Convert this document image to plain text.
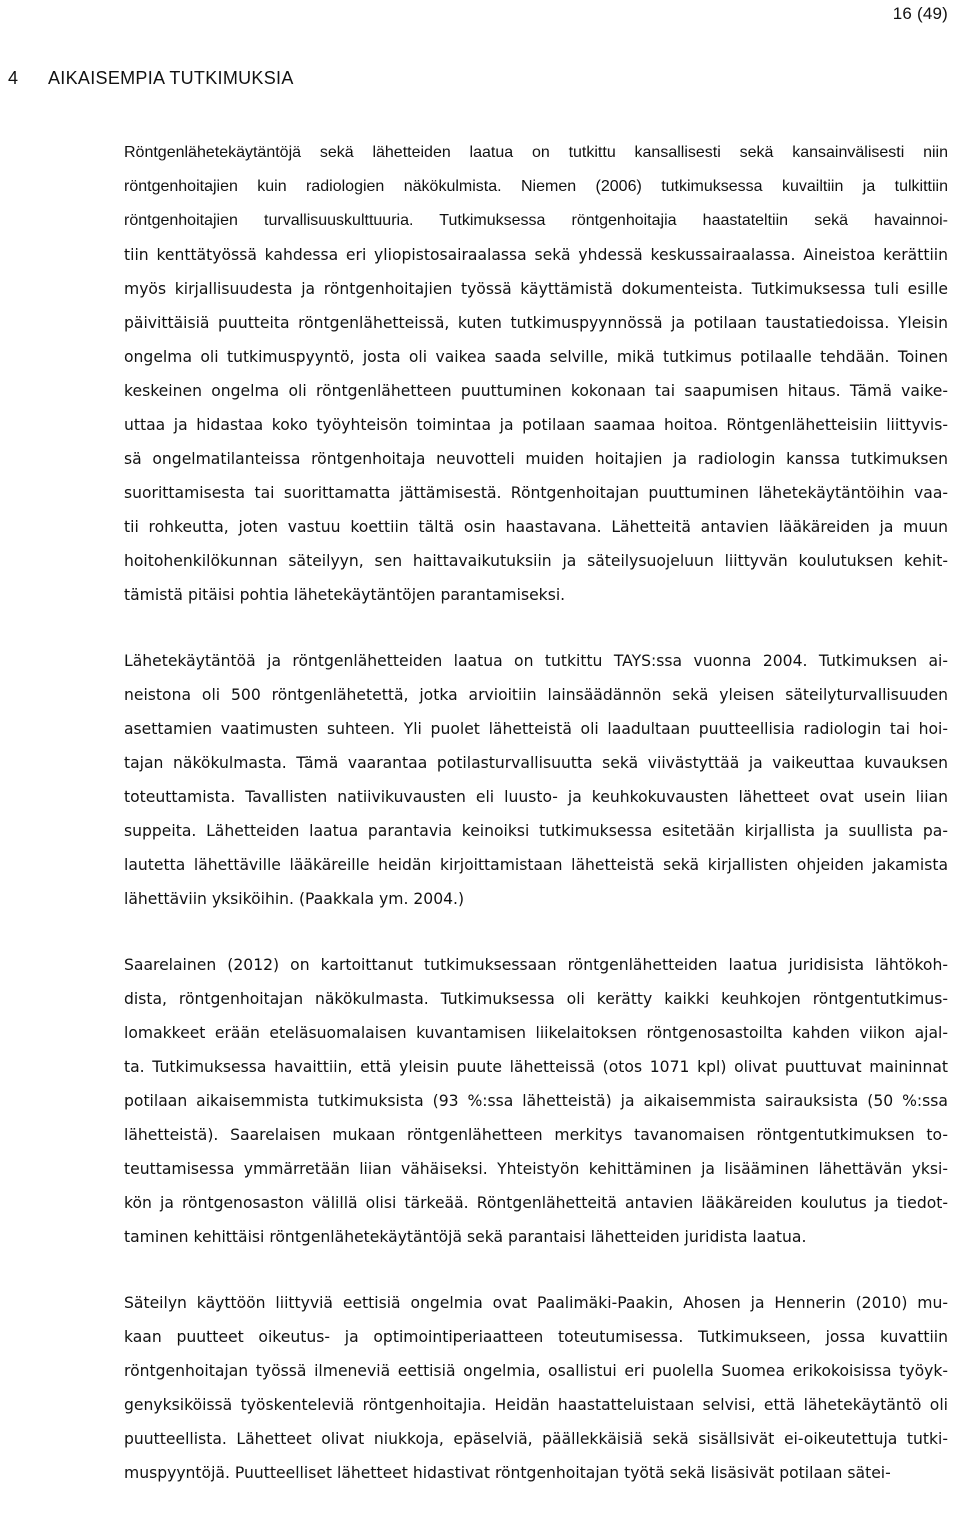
16 (49)
4 AIKAISEMPIA TUTKIMUKSIA
Röntgenlähetekäytäntöjä sekä lähetteiden laatua on tutkittu kansallisesti sekä kansainvälisesti niin
röntgenhoitajien kuin radiologien näkökulmista. Niemen (2006) tutkimuksessa kuvailtiin ja tulkittiin
röntgenhoitajien turvallisuuskulttuuria. Tutkimuksessa röntgenhoitajia haastateltiin sekä havainnoi-
tiin kenttätyössä kahdessa eri yliopistosairaalassa sekä yhdessä keskussairaalassa. Aineistoa kerättiin
myös kirjallisuudesta ja röntgenhoitajien työssä käyttämistä dokumenteista. Tutkimuksessa tuli esille
päivittäisiä puutteita röntgenlähetteissä, kuten tutkimuspyynnössä ja potilaan taustatiedoissa. Yleisin
ongelma oli tutkimuspyyntö, josta oli vaikea saada selville, mikä tutkimus potilaalle tehdään. Toinen
keskeinen ongelma oli röntgenlähetteen puuttuminen kokonaan tai saapumisen hitaus. Tämä vaike-
uttaa ja hidastaa koko työyhteisön toimintaa ja potilaan saamaa hoitoa. Röntgenlähetteisiin liittyvis-
sä ongelmatilanteissa röntgenhoitaja neuvotteli muiden hoitajien ja radiologin kanssa tutkimuksen
suorittamisesta tai suorittamatta jättämisestä. Röntgenhoitajan puuttuminen lähetekäytäntöihin vaa-
tii rohkeutta, joten vastuu koettiin tältä osin haastavana. Lähetteitä antavien lääkäreiden ja muun
hoitohenkilökunnan säteilyyn, sen haittavaikutuksiin ja säteilysuojeluun liittyvän koulutuksen kehit-
tämistä pitäisi pohtia lähetekäytäntöjen parantamiseksi.
Lähetekäytäntöä ja röntgenlähetteiden laatua on tutkittu TAYS:ssa vuonna 2004. Tutkimuksen ai-
neistona oli 500 röntgenlähetettä, jotka arvioitiin lainsäädännön sekä yleisen säteilyturvallisuuden
asettamien vaatimusten suhteen. Yli puolet lähetteistä oli laadultaan puutteellisia radiologin tai hoi-
tajan näkökulmasta. Tämä vaarantaa potilasturvallisuutta sekä viivästyttää ja vaikeuttaa kuvauksen
toteuttamista. Tavallisten natiivikuvausten eli luusto- ja keuhkokuvausten lähetteet ovat usein liian
suppeita. Lähetteiden laatua parantavia keinoiksi tutkimuksessa esitetään kirjallista ja suullista pa-
lautetta lähettäville lääkäreille heidän kirjoittamistaan lähetteistä sekä kirjallisten ohjeiden jakamista
lähettäviin yksiköihin. (Paakkala ym. 2004.)
Saarelainen (2012) on kartoittanut tutkimuksessaan röntgenlähetteiden laatua juridisista lähtökoh-
dista, röntgenhoitajan näkökulmasta. Tutkimuksessa oli kerätty kaikki keuhkojen röntgentutkimus-
lomakkeet erään eteläsuomalaisen kuvantamisen liikelaitoksen röntgenosastoilta kahden viikon ajal-
ta. Tutkimuksessa havaittiin, että yleisin puute lähetteissä (otos 1071 kpl) olivat puuttuvat maininnat
potilaan aikaisemmista tutkimuksista (93 %:ssa lähetteistä) ja aikaisemmista sairauksista (50 %:ssa
lähetteistä). Saarelaisen mukaan röntgenlähetteen merkitys tavanomaisen röntgentutkimuksen to-
teuttamisessa ymmärretään liian vähäiseksi. Yhteistyön kehittäminen ja lisääminen lähettävän yksi-
kön ja röntgenosaston välillä olisi tärkeää. Röntgenlähetteitä antavien lääkäreiden koulutus ja tiedot-
taminen kehittäisi röntgenlähetekäytäntöjä sekä parantaisi lähetteiden juridista laatua.
Säteilyn käyttöön liittyviä eettisiä ongelmia ovat Paalimäki-Paakin, Ahosen ja Hennerin (2010) mu-
kaan puutteet oikeutus- ja optimointiperiaatteen toteutumisessa. Tutkimukseen, jossa kuvattiin
röntgenhoitajan työssä ilmeneviä eettisiä ongelmia, osallistui eri puolella Suomea erikokoisissa työyk-
genyksiköissä työskenteleviä röntgenhoitajia. Heidän haastatteluistaan selvisi, että lähetekäytäntö oli
puutteellista. Lähetteet olivat niukkoja, epäselviä, päällekkäisiä sekä sisällsivät ei-oikeutettuja tutki-
muspyyntöjä. Puutteelliset lähetteet hidastivat röntgenhoitajan työtä sekä lisäsivät potilaan sätei-
